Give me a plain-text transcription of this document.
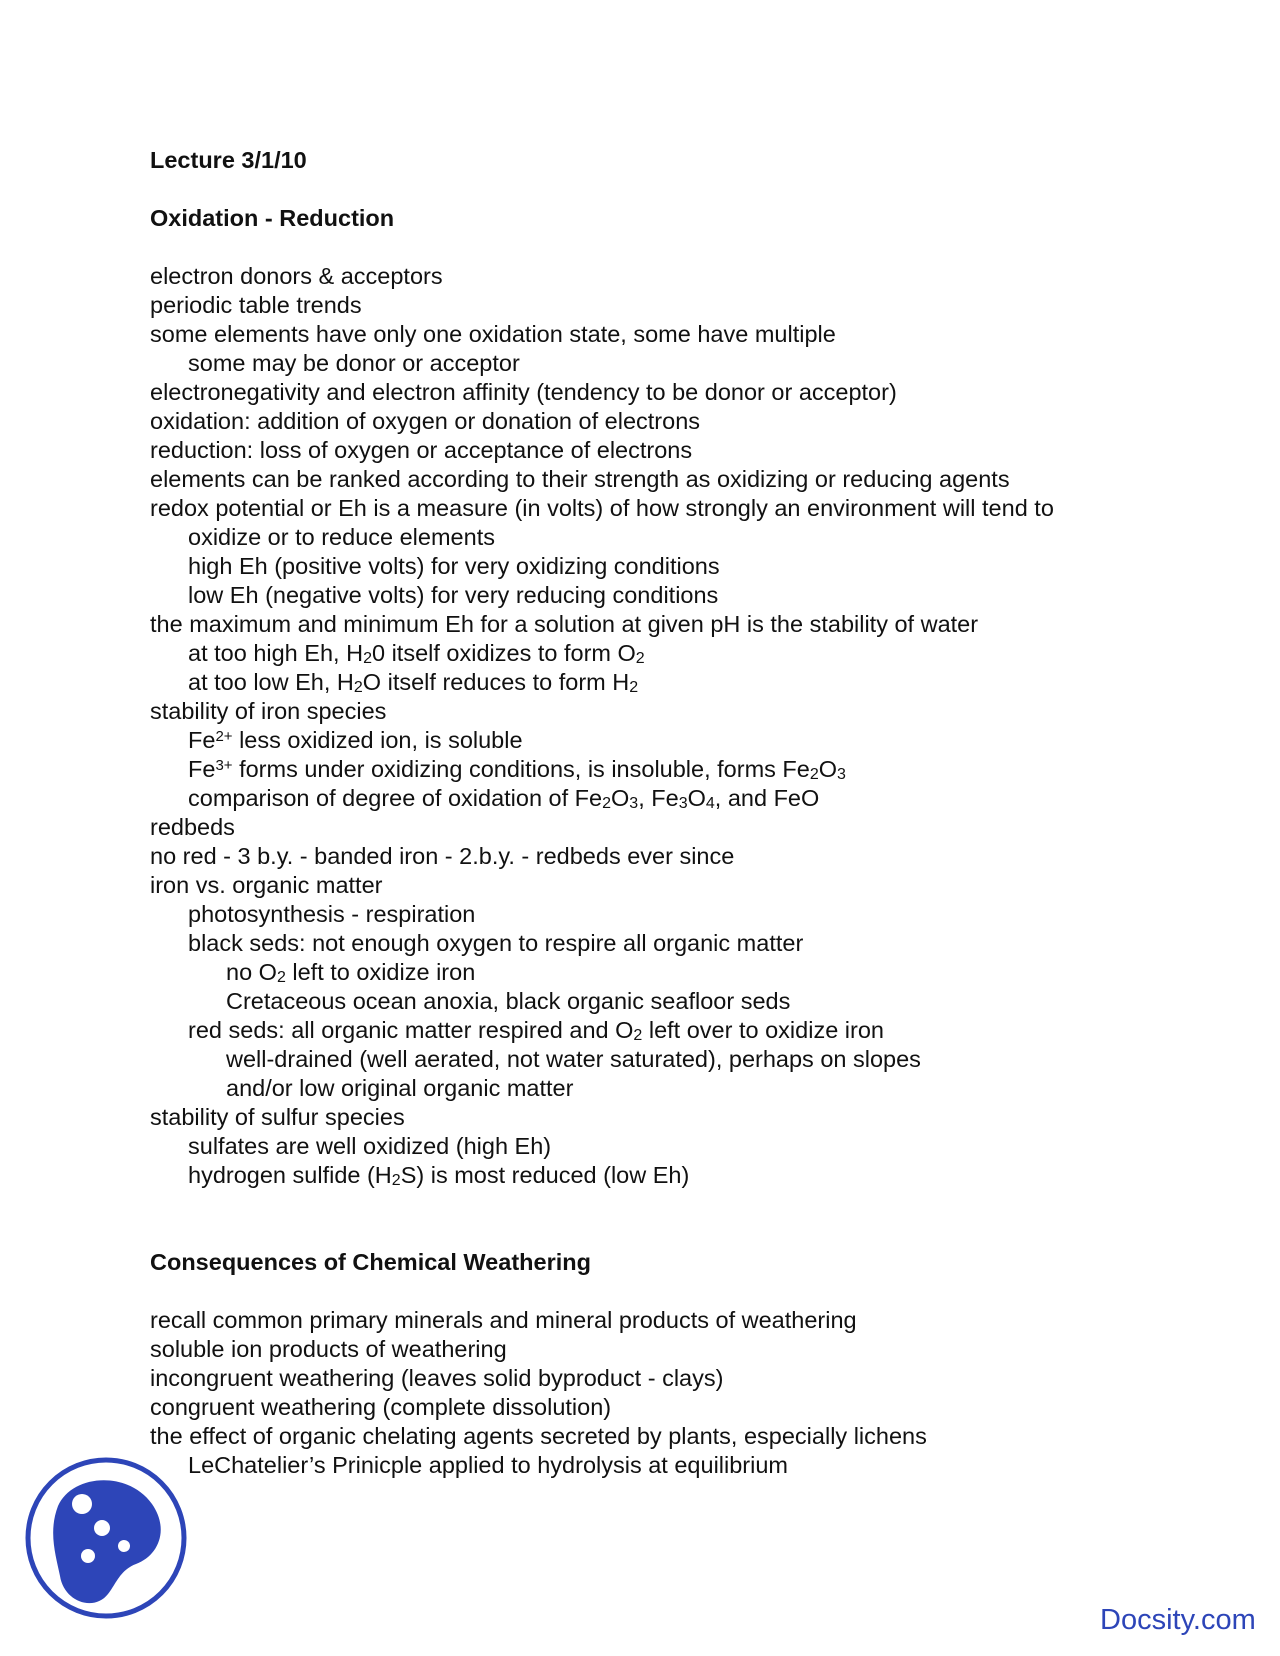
Lecture 3/1/10
Oxidation - Reduction
electron donors & acceptors
periodic table trends
some elements have only one oxidation state, some have multiple
some may be donor or acceptor
electronegativity and electron affinity (tendency to be donor or acceptor)
oxidation: addition of oxygen or donation of electrons
reduction: loss of oxygen or acceptance of electrons
elements can be ranked according to their strength as oxidizing or reducing agents
redox potential or Eh is a measure (in volts) of how strongly an environment will tend to
oxidize or to reduce elements
high Eh (positive volts) for very oxidizing conditions
low Eh (negative volts) for very reducing conditions
the maximum and minimum Eh for a solution at given pH is the stability of water
at too high Eh, $H_20$ itself oxidizes to form $O_2$
at too low Eh, $H_2O$ itself reduces to form $H_2$
stability of iron species
$Fe^{2+}$ less oxidized ion, is soluble
$Fe^{3+}$ forms under oxidizing conditions, is insoluble, forms $Fe_2O_3$
comparison of degree of oxidation of $Fe_2O_3$, $Fe_3O_4$, and FeO
redbeds
no red - 3 b.y. - banded iron - 2.b.y. - redbeds ever since
iron vs. organic matter
photosynthesis - respiration
black seds: not enough oxygen to respire all organic matter
no $O_2$ left to oxidize iron
Cretaceous ocean anoxia, black organic seafloor seds
red seds: all organic matter respired and $O_2$ left over to oxidize iron
well-drained (well aerated, not water saturated), perhaps on slopes
and/or low original organic matter
stability of sulfur species
sulfates are well oxidized (high Eh)
hydrogen sulfide $(H_2S)$ is most reduced (low Eh)
Consequences of Chemical Weathering
recall common primary minerals and mineral products of weathering
soluble ion products of weathering
incongruent weathering (leaves solid byproduct - clays)
congruent weathering (complete dissolution)
the effect of organic chelating agents secreted by plants, especially lichens
LeChatelier’s Prinicple applied to hydrolysis at equilibrium
Docsity.com
